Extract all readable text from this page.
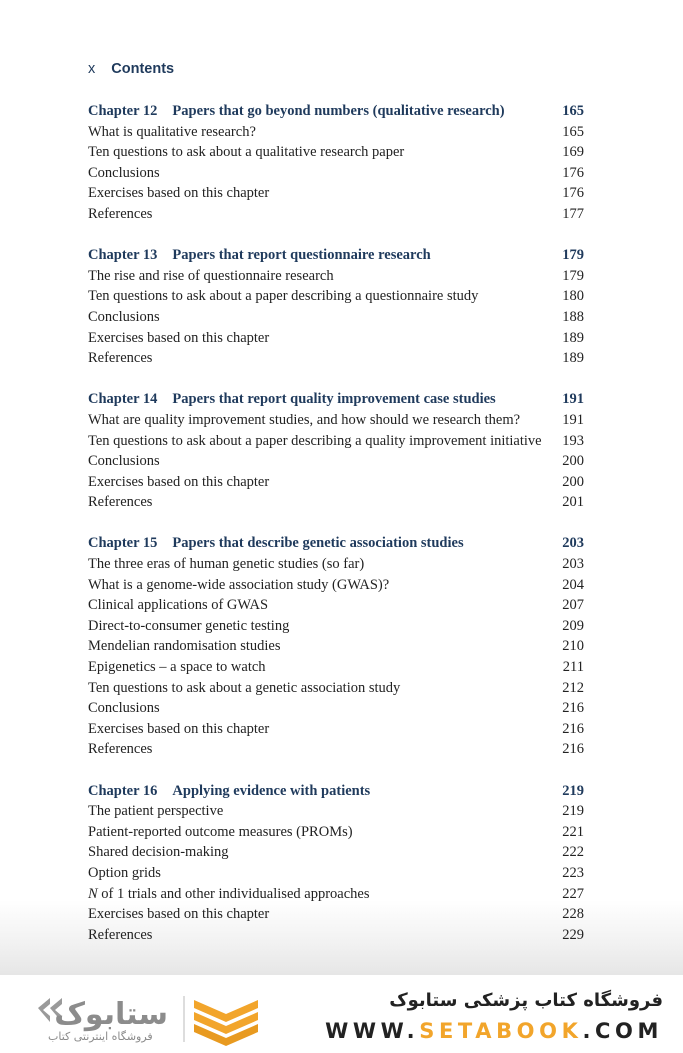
x Contents
Chapter 12 Papers that go beyond numbers (qualitative research)	165
What is qualitative research?	165
Ten questions to ask about a qualitative research paper	169
Conclusions	176
Exercises based on this chapter	176
References	177
Chapter 13 Papers that report questionnaire research	179
The rise and rise of questionnaire research	179
Ten questions to ask about a paper describing a questionnaire study	180
Conclusions	188
Exercises based on this chapter	189
References	189
Chapter 14 Papers that report quality improvement case studies	191
What are quality improvement studies, and how should we research them?	191
Ten questions to ask about a paper describing a quality improvement initiative 193
Conclusions	200
Exercises based on this chapter	200
References	201
Chapter 15 Papers that describe genetic association studies	203
The three eras of human genetic studies (so far)	203
What is a genome-wide association study (GWAS)?	204
Clinical applications of GWAS	207
Direct-to-consumer genetic testing	209
Mendelian randomisation studies	210
Epigenetics – a space to watch	211
Ten questions to ask about a genetic association study	212
Conclusions	216
Exercises based on this chapter	216
References	216
Chapter 16 Applying evidence with patients	219
The patient perspective	219
Patient-reported outcome measures (PROMs)	221
Shared decision-making	222
Option grids	223
N of 1 trials and other individualised approaches	227
Exercises based on this chapter	228
References	229
ستابوک
فروشگاه اینترنتی کتاب
فروشگاه کتاب پزشکی ستابوک
WWW.SETABOOK.COM
